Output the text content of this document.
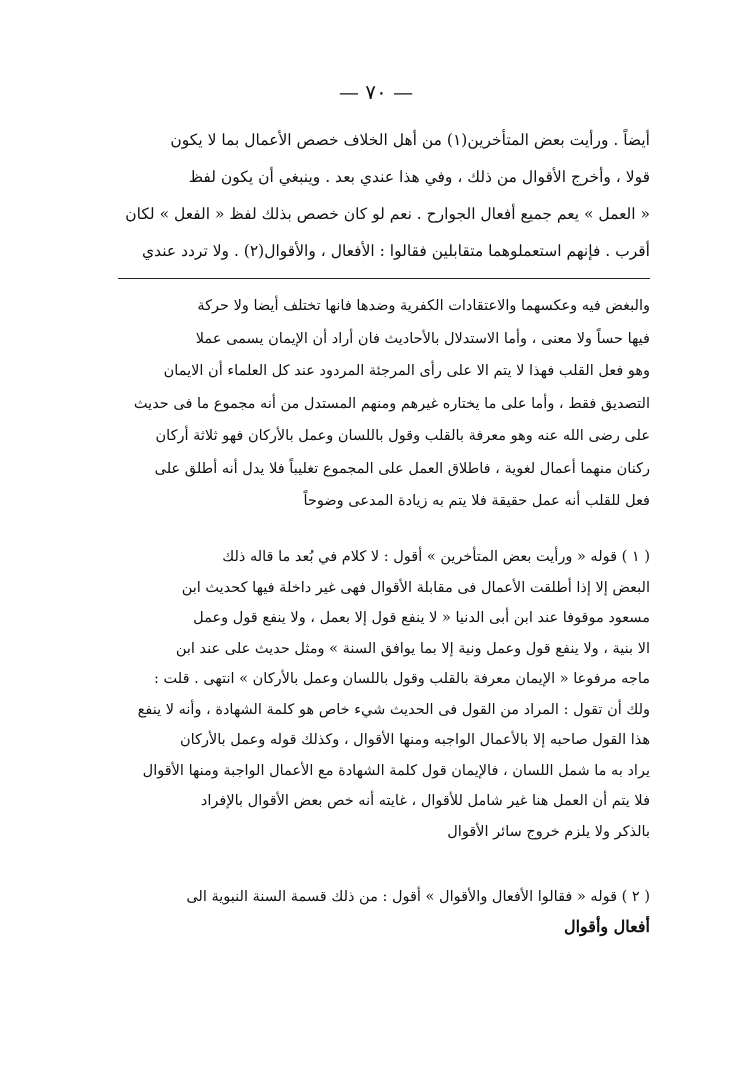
— ٧٠ —
أيضاً . ورأيت بعض المتأخرين(١) من أهل الخلاف خصص الأعمال بما لا يكون
قولا ، وأخرج الأقوال من ذلك ، وفي هذا عندي بعد . وينبغي أن يكون لفظ
« العمل » يعم جميع أفعال الجوارح . نعم لو كان خصص بذلك لفظ « الفعل » لكان
أقرب . فإنهم استعملوهما متقابلين فقالوا : الأفعال ، والأقوال(٢) . ولا تردد عندي
والبغض فيه وعكسهما والاعتقادات الكفرية وضدها فانها تختلف أيضا ولا حركة
فيها حساً ولا معنى ، وأما الاستدلال بالأحاديث فان أراد أن الإيمان يسمى عملا
وهو فعل القلب فهذا لا يتم الا على رأى المرجئة المردود عند كل العلماء أن الايمان
التصديق فقط ، وأما على ما يختاره غيرهم ومنهم المستدل من أنه مجموع ما فى حديث
على رضى الله عنه وهو معرفة بالقلب وقول باللسان وعمل بالأركان فهو ثلاثة أركان
ركنان منهما أعمال لغوية ، فاطلاق العمل على المجموع تغليباً فلا يدل أنه أطلق على
فعل للقلب أنه عمل حقيقة فلا يتم به زيادة المدعى وضوحاً
( ١ ) قوله « ورأيت بعض المتأخرين » أقول : لا كلام في بُعد ما قاله ذلك
البعض إلا إذا أطلقت الأعمال فى مقابلة الأقوال فهى غير داخلة فيها كحديث ابن
مسعود موقوفا عند ابن أبى الدنيا « لا ينفع قول إلا بعمل ، ولا ينفع قول وعمل
الا بنية ، ولا ينفع قول وعمل ونية إلا بما يوافق السنة » ومثل حديث على عند ابن
ماجه مرفوعا « الإيمان معرفة بالقلب وقول باللسان وعمل بالأركان » انتهى . قلت :
ولك أن تقول : المراد من القول فى الحديث شيء خاص هو كلمة الشهادة ، وأنه لا ينفع
هذا القول صاحبه إلا بالأعمال الواجبه ومنها الأقوال ، وكذلك قوله وعمل بالأركان
يراد به ما شمل اللسان ، فالإيمان قول كلمة الشهادة مع الأعمال الواجبة ومنها الأقوال
فلا يتم أن العمل هنا غير شامل للأقوال ، غايته أنه خص بعض الأقوال بالإفراد
بالذكر ولا يلزم خروج سائر الأقوال
( ٢ ) قوله « فقالوا الأفعال والأقوال » أقول : من ذلك قسمة السنة النبوية الى
أفعال وأقوال
